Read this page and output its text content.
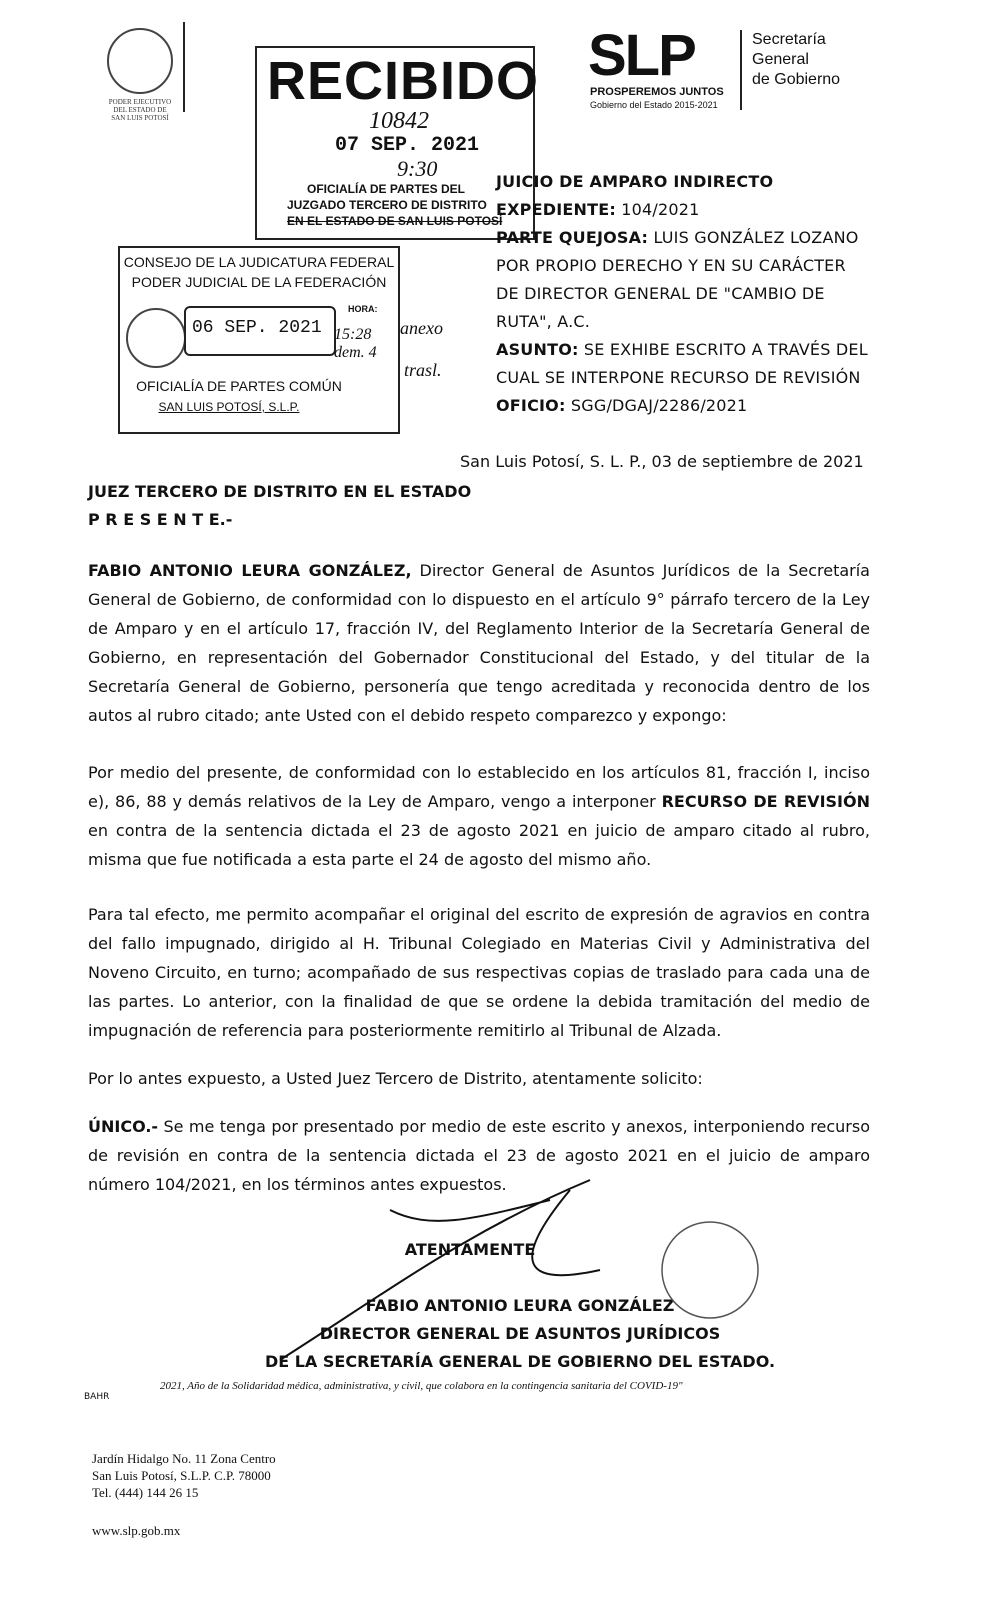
PODER EJECUTIVO
DEL ESTADO DE
SAN LUIS POTOSÍ
SLP
PROSPEREMOS JUNTOS
Gobierno del Estado 2015-2021
Secretaría
General
de Gobierno
RECIBIDO
10842
07 SEP. 2021
9:30
OFICIALÍA DE PARTES DEL
JUZGADO TERCERO DE DISTRITO
EN EL ESTADO DE SAN LUIS POTOSÍ
JUICIO DE AMPARO INDIRECTO
EXPEDIENTE: 104/2021
PARTE QUEJOSA: LUIS GONZÁLEZ LOZANO
POR PROPIO DERECHO Y EN SU CARÁCTER
DE DIRECTOR GENERAL DE "CAMBIO DE
RUTA", A.C.
ASUNTO: SE EXHIBE ESCRITO A TRAVÉS DEL
CUAL SE INTERPONE RECURSO DE REVISIÓN
OFICIO: SGG/DGAJ/2286/2021
CONSEJO DE LA JUDICATURA FEDERAL
PODER JUDICIAL DE LA FEDERACIÓN
06 SEP. 2021
HORA:
15:28
OFICIALÍA DE PARTES COMÚN
SAN LUIS POTOSÍ, S.L.P.
anexo
dem. 4
trasl.
San Luis Potosí, S. L. P., 03 de septiembre de 2021
JUEZ TERCERO DE DISTRITO EN EL ESTADO
P R E S E N T E.-
FABIO ANTONIO LEURA GONZÁLEZ, Director General de Asuntos Jurídicos de la Secretaría General de Gobierno, de conformidad con lo dispuesto en el artículo 9° párrafo tercero de la Ley de Amparo y en el artículo 17, fracción IV, del Reglamento Interior de la Secretaría General de Gobierno, en representación del Gobernador Constitucional del Estado, y del titular de la Secretaría General de Gobierno, personería que tengo acreditada y reconocida dentro de los autos al rubro citado; ante Usted con el debido respeto comparezco y expongo:
Por medio del presente, de conformidad con lo establecido en los artículos 81, fracción I, inciso e), 86, 88 y demás relativos de la Ley de Amparo, vengo a interponer RECURSO DE REVISIÓN en contra de la sentencia dictada el 23 de agosto 2021 en juicio de amparo citado al rubro, misma que fue notificada a esta parte el 24 de agosto del mismo año.
Para tal efecto, me permito acompañar el original del escrito de expresión de agravios en contra del fallo impugnado, dirigido al H. Tribunal Colegiado en Materias Civil y Administrativa del Noveno Circuito, en turno; acompañado de sus respectivas copias de traslado para cada una de las partes. Lo anterior, con la finalidad de que se ordene la debida tramitación del medio de impugnación de referencia para posteriormente remitirlo al Tribunal de Alzada.
Por lo antes expuesto, a Usted Juez Tercero de Distrito, atentamente solicito:
ÚNICO.- Se me tenga por presentado por medio de este escrito y anexos, interponiendo recurso de revisión en contra de la sentencia dictada el 23 de agosto 2021 en el juicio de amparo número 104/2021, en los términos antes expuestos.
ATENTAMENTE
FABIO ANTONIO LEURA GONZÁLEZ
DIRECTOR GENERAL DE ASUNTOS JURÍDICOS
DE LA SECRETARÍA GENERAL DE GOBIERNO DEL ESTADO.
2021, Año de la Solidaridad médica, administrativa, y civil, que colabora en la contingencia sanitaria del COVID-19"
BAHR
Jardín Hidalgo No. 11 Zona Centro
San Luis Potosí, S.L.P. C.P. 78000
Tel. (444) 144 26 15
www.slp.gob.mx
